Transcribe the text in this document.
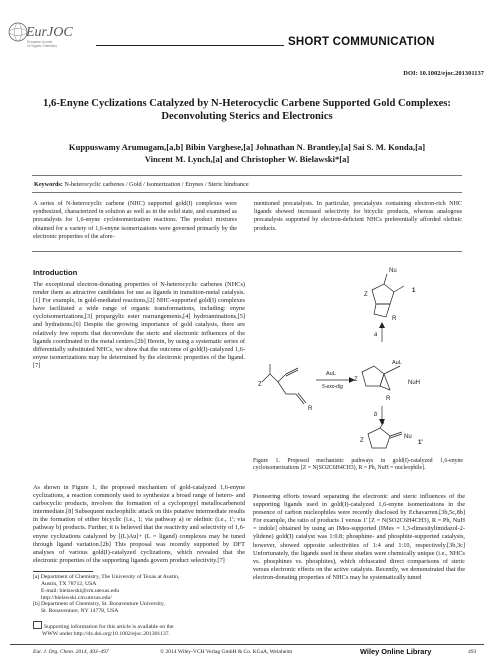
EurJOC
European Journal
of Organic Chemistry	SHORT COMMUNICATION
DOI: 10.1002/ejoc.201301137
1,6-Enyne Cyclizations Catalyzed by N-Heterocyclic Carbene Supported Gold Complexes: Deconvoluting Sterics and Electronics
Kuppuswamy Arumugam,[a,b] Bibin Varghese,[a] Johnathan N. Brantley,[a] Sai S. M. Konda,[a]
Vincent M. Lynch,[a] and Christopher W. Bielawski*[a]
Keywords: N-heterocyclic carbenes / Gold / Isomerization / Enynes / Steric hindrance
A series of N-heterocyclic carbene (NHC) supported gold(I) complexes were synthesized, characterized in solution as well as in the solid state, and examined as precatalysts for 1,6-enyne cycloisomerization reactions. The product mixtures obtained for a variety of 1,6-enyne isomerizations were governed primarily by the electronic properties of the afore-
mentioned precatalysts. In particular, precatalysts containing electron-rich NHC ligands showed increased selectivity for bicyclic products, whereas analogous precatalysts supported by electron-deficient NHCs preferentially afforded olefinic products.
Introduction
The exceptional electron-donating properties of N-heterocyclic carbenes (NHCs) render them as attractive candidates for use as ligands in transition-metal catalysis.[1] For example, in gold-mediated reactions,[2] NHC-supported gold(I) complexes have facilitated a wide range of organic transformations, including: enyne cycloisomerizations,[3] propargylic ester rearrangements,[4] hydroaminations,[5] and hydrations.[6] Despite the growing importance of gold catalysis, there are relatively few reports that deconvolute the steric and electronic influences of the ligands coordinated to the metal centers.[2b] Herein, by using a systematic series of differentially substituted NHCs, we show that the outcome of gold(I)-catalyzed 1,6-enyne isomerizations may be determined by the electronic properties of the ligand.[7]
As shown in Figure 1, the proposed mechanism of gold-catalyzed 1,6-enyne cyclizations, a reaction commonly used to synthesize a broad range of hetero- and carbocyclic products, involves the formation of a cyclopropyl metallocarbenoid intermediate.[8] Subsequent nucleophilic attack on this putative intermediate results in the formation of either bicyclic (i.e., 1; via pathway a) or olefinic (i.e., 1'; via pathway b) products. Further, it is believed that the reactivity and selectivity of 1,6-enyne cyclizations catalyzed by [(L)Au]+ (L = ligand) complexes may be tuned through ligand variation.[2b] This proposal was recently supported by DFT analyses of various gold(I)-catalyzed cyclizations, which revealed that the electronic properties of the supporting ligands govern product selectivity.[7]
[a] Department of Chemistry, The University of Texas at Austin,
Austin, TX 78712, USA
E-mail: bielawski@cm.utexas.edu
http://bielawski.cm.utexas.edu/
[b] Department of Chemistry, St. Bonaventure University,
St. Bonaventure, NY 14778, USA
Supporting information for this article is available on the
WWW under http://dx.doi.org/10.1002/ejoc.201301137.
Nu
Z
R
1
a
Z
R
AuL
5-exo-dig
AuL
Z
R
NuH
b
Z
Nu
1'
Figure 1. Proposed mechanistic pathways in gold(I)-catalyzed 1,6-enyne cycloisomerizations [Z = N(SO2C6H4CH3), R = Ph, NuH = nucleophile].
Pioneering efforts toward separating the electronic and steric influences of the supporting ligands used in gold(I)-catalyzed 1,6-enyne isomerizations in the presence of carbon nucleophiles were recently disclosed by Echavarren.[3b,5c,8b] For example, the ratio of products 1 versus 1' [Z = N(SO2C6H4CH3), R = Ph, NuH = indole] obtained by using an IMes-supported (IMes = 1,3-dimesitylimidazol-2-ylidene) gold(I) catalyst was 1:0.8; phosphine- and phosphite-supported catalysts, however, showed opposite selectivities of 1:4 and 1:10, respectively.[3b,3c] Unfortunately, the ligands used in these studies were chemically unique (i.e., NHCs vs. phosphines vs. phosphites), which obfuscated direct comparisons of steric versus electronic effects on the active catalysts. Recently, we demonstrated that the electron-donating properties of NHCs may be systematically tuned
Eur. J. Org. Chem. 2014, 493–497	© 2014 Wiley-VCH Verlag GmbH & Co. KGaA, Weinheim	Wiley Online Library	493
